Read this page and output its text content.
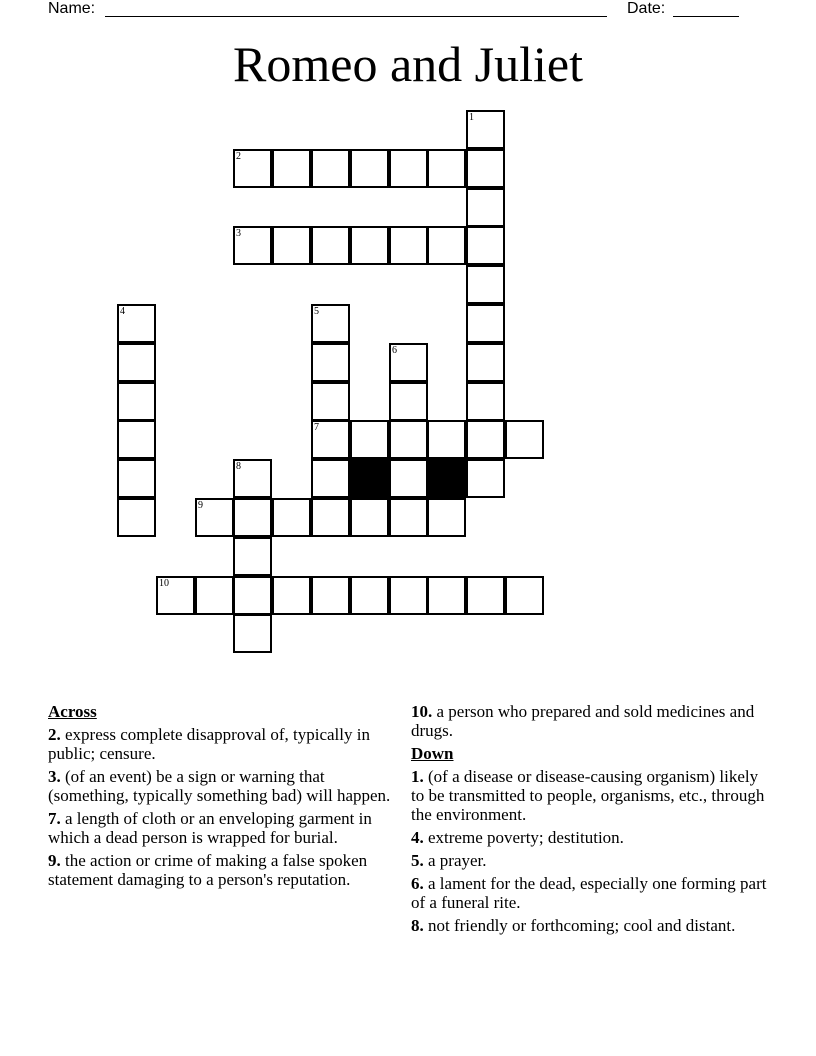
Name:	Date:
Romeo and Juliet
1
2
3
4	5
7
6
8
9
10
Across
2. express complete disapproval of, typically in public; censure.
3. (of an event) be a sign or warning that (something, typically something bad) will happen.
7. a length of cloth or an enveloping garment in which a dead person is wrapped for burial.
9. the action or crime of making a false spoken statement damaging to a person's reputation.
10. a person who prepared and sold medicines and drugs.
Down
1. (of a disease or disease-causing organism) likely to be transmitted to people, organisms, etc., through the environment.
4. extreme poverty; destitution.
5. a prayer.
6. a lament for the dead, especially one forming part of a funeral rite.
8. not friendly or forthcoming; cool and distant.
